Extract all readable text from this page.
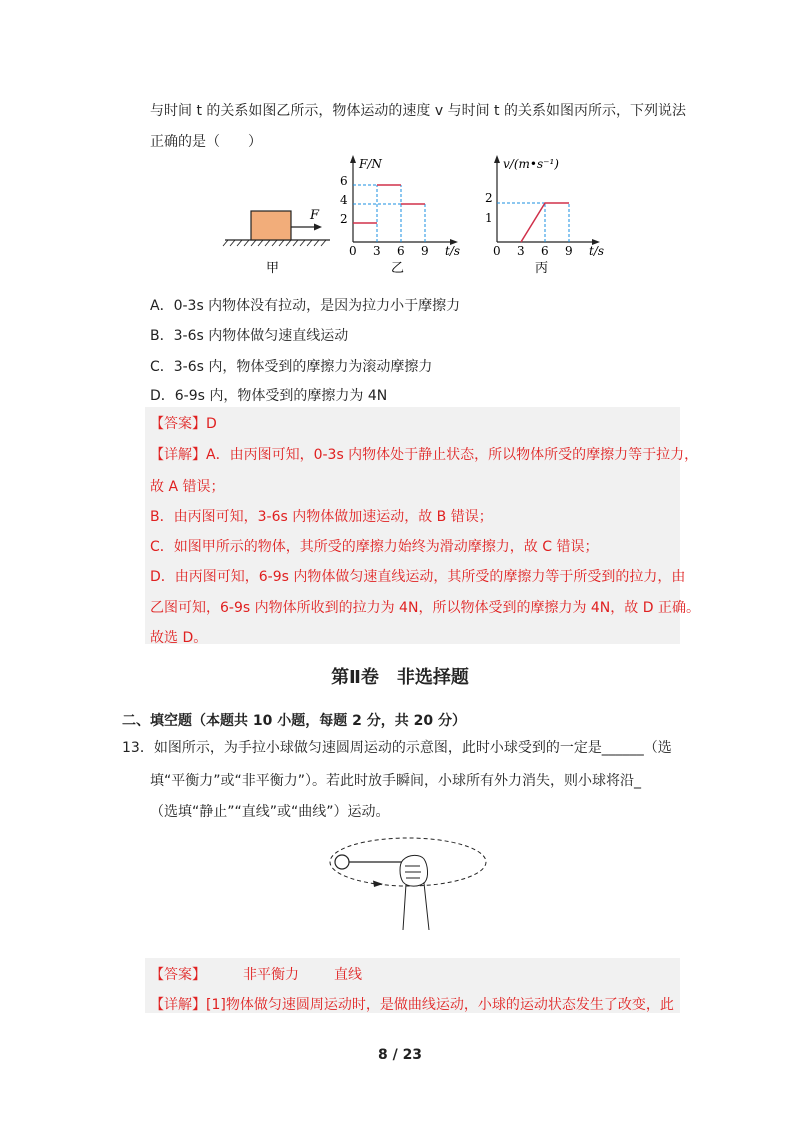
与时间 t 的关系如图乙所示，物体运动的速度 v 与时间 t 的关系如图丙所示，下列说法
正确的是（　　）
F
甲
F/N
2
4
6
0 3 6 9 t/s
乙
v/(m•s⁻¹)
1
2
0 3 6 9 t/s
丙
A．0-3s 内物体没有拉动，是因为拉力小于摩擦力
B．3-6s 内物体做匀速直线运动
C．3-6s 内，物体受到的摩擦力为滚动摩擦力
D．6-9s 内，物体受到的摩擦力为 4N
【答案】D
【详解】A．由丙图可知，0-3s 内物体处于静止状态，所以物体所受的摩擦力等于拉力，
故 A 错误；
B．由丙图可知，3-6s 内物体做加速运动，故 B 错误；
C．如图甲所示的物体，其所受的摩擦力始终为滑动摩擦力，故 C 错误；
D．由丙图可知，6-9s 内物体做匀速直线运动，其所受的摩擦力等于所受到的拉力，由
乙图可知，6-9s 内物体所收到的拉力为 4N，所以物体受到的摩擦力为 4N，故 D 正确。
故选 D。
第Ⅱ卷　非选择题
二、填空题（本题共 10 小题，每题 2 分，共 20 分）
13．如图所示，为手拉小球做匀速圆周运动的示意图，此时小球受到的一定是______（选
填“平衡力”或“非平衡力”）。若此时放手瞬间，小球所有外力消失，则小球将沿_
（选填“静止”“直线”或“曲线”）运动。
【答案】	非平衡力	直线
【详解】[1]物体做匀速圆周运动时，是做曲线运动，小球的运动状态发生了改变，此
8 / 23
